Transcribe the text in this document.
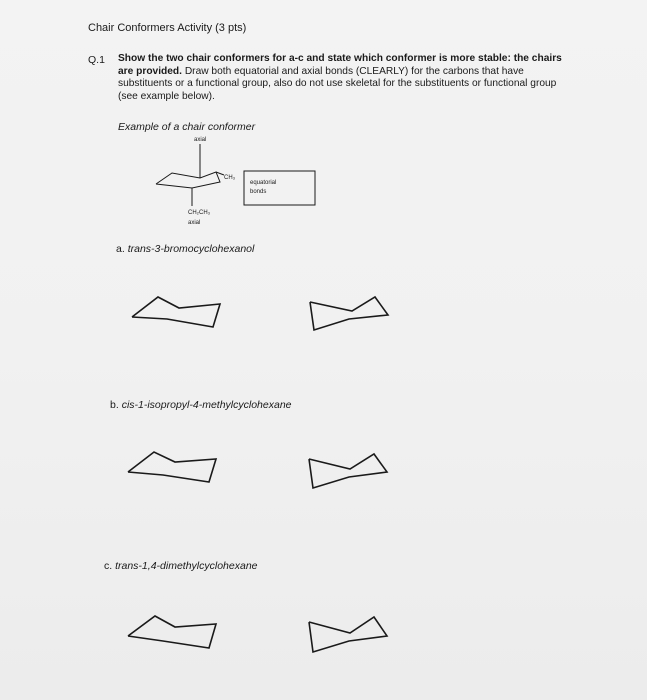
Chair Conformers Activity (3 pts)
Q.1 Show the two chair conformers for a-c and state which conformer is more stable: the chairs are provided. Draw both equatorial and axial bonds (CLEARLY) for the carbons that have substituents or a functional group, also do not use skeletal for the substituents or functional group (see example below).
Example of a chair conformer
axial
CH₃
CH₂CH₃
axial
equatorial
bonds
a. trans-3-bromocyclohexanol
b. cis-1-isopropyl-4-methylcyclohexane
c. trans-1,4-dimethylcyclohexane
